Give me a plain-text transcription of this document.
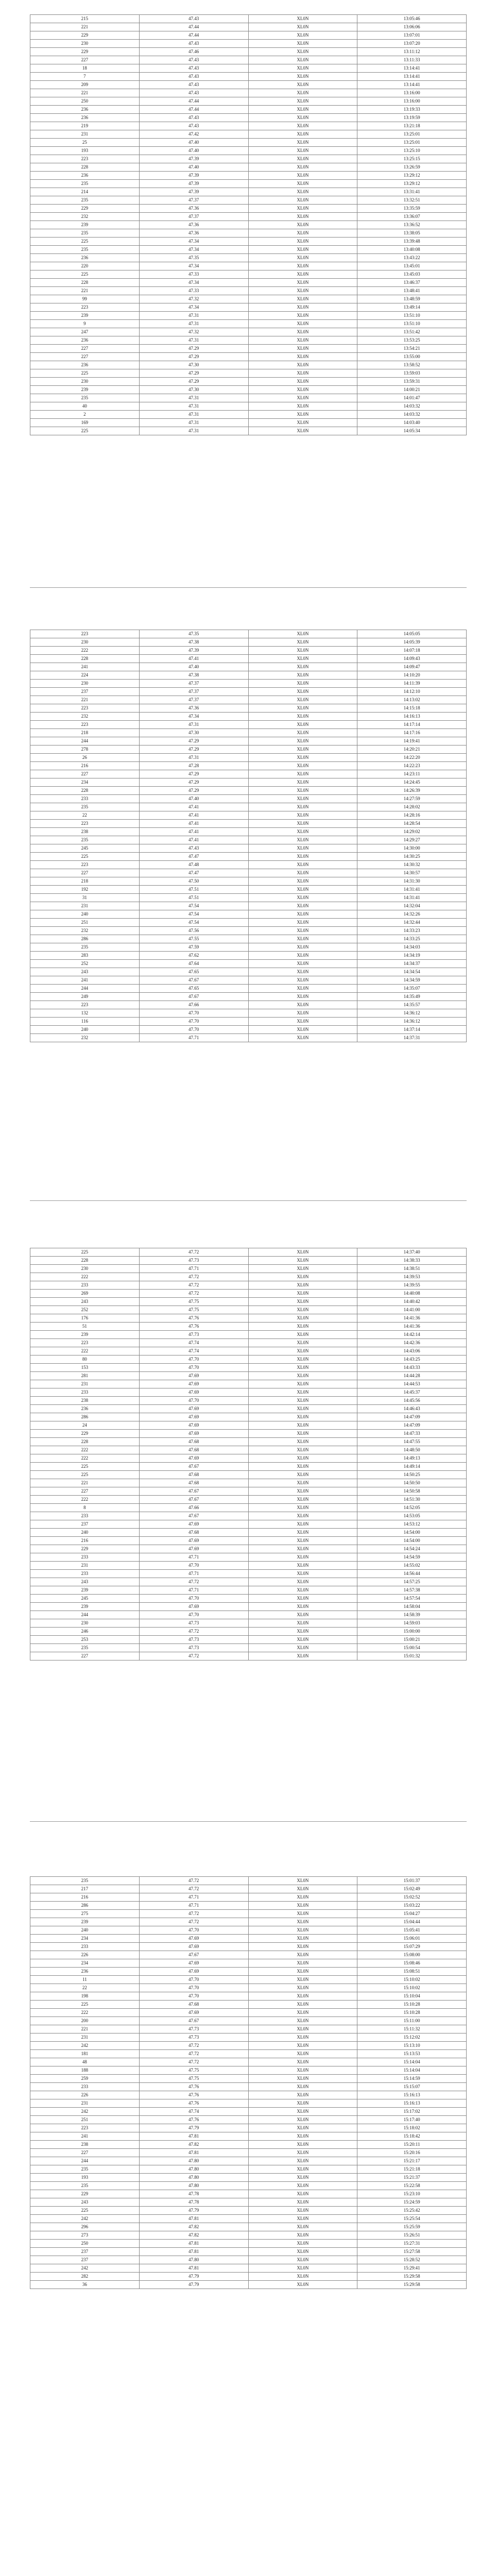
215	47.43	XL0N	13:05:46
221	47.44	XL0N	13:06:06
229	47.44	XL0N	13:07:01
230	47.43	XL0N	13:07:20
229	47.46	XL0N	13:11:12
227	47.43	XL0N	13:11:33
18	47.43	XL0N	13:14:41
7	47.43	XL0N	13:14:41
209	47.43	XL0N	13:14:41
221	47.43	XL0N	13:16:00
250	47.44	XL0N	13:16:00
236	47.44	XL0N	13:19:33
236	47.43	XL0N	13:19:59
219	47.43	XL0N	13:21:18
231	47.42	XL0N	13:25:01
25	47.40	XL0N	13:25:01
193	47.40	XL0N	13:25:10
223	47.39	XL0N	13:25:15
228	47.40	XL0N	13:26:59
236	47.39	XL0N	13:29:12
235	47.39	XL0N	13:29:12
214	47.39	XL0N	13:31:41
235	47.37	XL0N	13:32:51
229	47.36	XL0N	13:35:59
232	47.37	XL0N	13:36:07
239	47.36	XL0N	13:36:52
235	47.36	XL0N	13:38:05
225	47.34	XL0N	13:39:48
235	47.34	XL0N	13:40:08
236	47.35	XL0N	13:43:22
220	47.34	XL0N	13:45:01
225	47.33	XL0N	13:45:03
228	47.34	XL0N	13:46:37
221	47.33	XL0N	13:48:41
99	47.32	XL0N	13:48:59
223	47.34	XL0N	13:49:14
239	47.31	XL0N	13:51:10
9	47.31	XL0N	13:51:10
247	47.32	XL0N	13:51:42
236	47.31	XL0N	13:53:25
227	47.29	XL0N	13:54:21
227	47.29	XL0N	13:55:00
236	47.30	XL0N	13:58:52
225	47.29	XL0N	13:59:03
230	47.29	XL0N	13:59:31
239	47.30	XL0N	14:00:21
235	47.31	XL0N	14:01:47
40	47.31	XL0N	14:03:32
2	47.31	XL0N	14:03:32
169	47.31	XL0N	14:03:40
225	47.31	XL0N	14:05:34
223	47.35	XL0N	14:05:05
230	47.38	XL0N	14:05:39
222	47.39	XL0N	14:07:18
228	47.41	XL0N	14:09:43
241	47.40	XL0N	14:09:47
224	47.38	XL0N	14:10:20
230	47.37	XL0N	14:11:39
237	47.37	XL0N	14:12:10
221	47.37	XL0N	14:13:02
223	47.36	XL0N	14:15:18
232	47.34	XL0N	14:16:13
223	47.31	XL0N	14:17:14
218	47.30	XL0N	14:17:16
244	47.29	XL0N	14:19:41
278	47.29	XL0N	14:20:21
26	47.31	XL0N	14:22:20
216	47.28	XL0N	14:22:23
227	47.29	XL0N	14:23:11
234	47.29	XL0N	14:24:45
228	47.29	XL0N	14:26:39
233	47.40	XL0N	14:27:59
235	47.41	XL0N	14:28:02
22	47.41	XL0N	14:28:16
223	47.41	XL0N	14:28:54
238	47.41	XL0N	14:29:02
235	47.41	XL0N	14:29:27
245	47.43	XL0N	14:30:00
225	47.47	XL0N	14:30:25
223	47.48	XL0N	14:30:32
227	47.47	XL0N	14:30:57
218	47.50	XL0N	14:31:30
192	47.51	XL0N	14:31:41
31	47.51	XL0N	14:31:41
231	47.54	XL0N	14:32:04
240	47.54	XL0N	14:32:26
251	47.54	XL0N	14:32:44
232	47.56	XL0N	14:33:23
286	47.55	XL0N	14:33:25
235	47.59	XL0N	14:34:03
283	47.62	XL0N	14:34:19
252	47.64	XL0N	14:34:37
243	47.65	XL0N	14:34:54
241	47.67	XL0N	14:34:59
244	47.65	XL0N	14:35:07
249	47.67	XL0N	14:35:49
223	47.66	XL0N	14:35:57
132	47.70	XL0N	14:36:12
116	47.70	XL0N	14:36:12
240	47.70	XL0N	14:37:14
232	47.71	XL0N	14:37:31
225	47.72	XL0N	14:37:40
228	47.73	XL0N	14:38:33
230	47.71	XL0N	14:38:51
222	47.72	XL0N	14:39:53
233	47.72	XL0N	14:39:55
269	47.72	XL0N	14:40:08
243	47.75	XL0N	14:40:42
252	47.75	XL0N	14:41:00
176	47.76	XL0N	14:41:36
51	47.76	XL0N	14:41:36
239	47.73	XL0N	14:42:14
223	47.74	XL0N	14:42:36
222	47.74	XL0N	14:43:06
80	47.70	XL0N	14:43:25
153	47.70	XL0N	14:43:33
281	47.69	XL0N	14:44:28
231	47.69	XL0N	14:44:53
233	47.69	XL0N	14:45:37
238	47.70	XL0N	14:45:56
236	47.69	XL0N	14:46:43
286	47.69	XL0N	14:47:09
24	47.69	XL0N	14:47:09
229	47.69	XL0N	14:47:33
228	47.68	XL0N	14:47:55
222	47.68	XL0N	14:48:50
222	47.69	XL0N	14:49:13
225	47.67	XL0N	14:49:14
225	47.68	XL0N	14:50:25
221	47.68	XL0N	14:50:50
227	47.67	XL0N	14:50:58
222	47.67	XL0N	14:51:30
8	47.66	XL0N	14:52:05
233	47.67	XL0N	14:53:05
237	47.69	XL0N	14:53:12
240	47.68	XL0N	14:54:00
216	47.69	XL0N	14:54:00
229	47.69	XL0N	14:54:24
233	47.71	XL0N	14:54:59
231	47.70	XL0N	14:55:02
233	47.71	XL0N	14:56:44
243	47.72	XL0N	14:57:25
239	47.71	XL0N	14:57:38
245	47.70	XL0N	14:57:54
239	47.69	XL0N	14:58:04
244	47.70	XL0N	14:58:39
230	47.73	XL0N	14:59:03
246	47.72	XL0N	15:00:00
253	47.73	XL0N	15:00:21
235	47.73	XL0N	15:00:54
227	47.72	XL0N	15:01:32
235	47.72	XL0N	15:01:37
217	47.72	XL0N	15:02:49
216	47.71	XL0N	15:02:52
286	47.71	XL0N	15:03:22
275	47.72	XL0N	15:04:27
239	47.72	XL0N	15:04:44
240	47.70	XL0N	15:05:41
234	47.69	XL0N	15:06:01
233	47.69	XL0N	15:07:29
226	47.67	XL0N	15:08:00
234	47.69	XL0N	15:08:46
236	47.69	XL0N	15:08:51
11	47.70	XL0N	15:10:02
22	47.70	XL0N	15:10:02
198	47.70	XL0N	15:10:04
225	47.68	XL0N	15:10:28
222	47.69	XL0N	15:10:28
200	47.67	XL0N	15:11:00
221	47.73	XL0N	15:11:32
231	47.73	XL0N	15:12:02
242	47.72	XL0N	15:13:10
181	47.72	XL0N	15:13:53
48	47.72	XL0N	15:14:04
188	47.75	XL0N	15:14:04
259	47.75	XL0N	15:14:59
233	47.76	XL0N	15:15:07
226	47.76	XL0N	15:16:13
231	47.76	XL0N	15:16:13
242	47.74	XL0N	15:17:02
251	47.76	XL0N	15:17:40
223	47.79	XL0N	15:18:02
241	47.81	XL0N	15:18:42
238	47.82	XL0N	15:20:11
227	47.81	XL0N	15:20:16
244	47.80	XL0N	15:21:17
235	47.80	XL0N	15:21:18
193	47.80	XL0N	15:21:37
235	47.80	XL0N	15:22:58
229	47.78	XL0N	15:23:10
243	47.78	XL0N	15:24:59
225	47.79	XL0N	15:25:42
242	47.81	XL0N	15:25:54
296	47.82	XL0N	15:25:59
273	47.82	XL0N	15:26:51
250	47.81	XL0N	15:27:31
237	47.81	XL0N	15:27:58
237	47.80	XL0N	15:28:52
242	47.81	XL0N	15:29:41
282	47.79	XL0N	15:29:58
36	47.79	XL0N	15:29:58
